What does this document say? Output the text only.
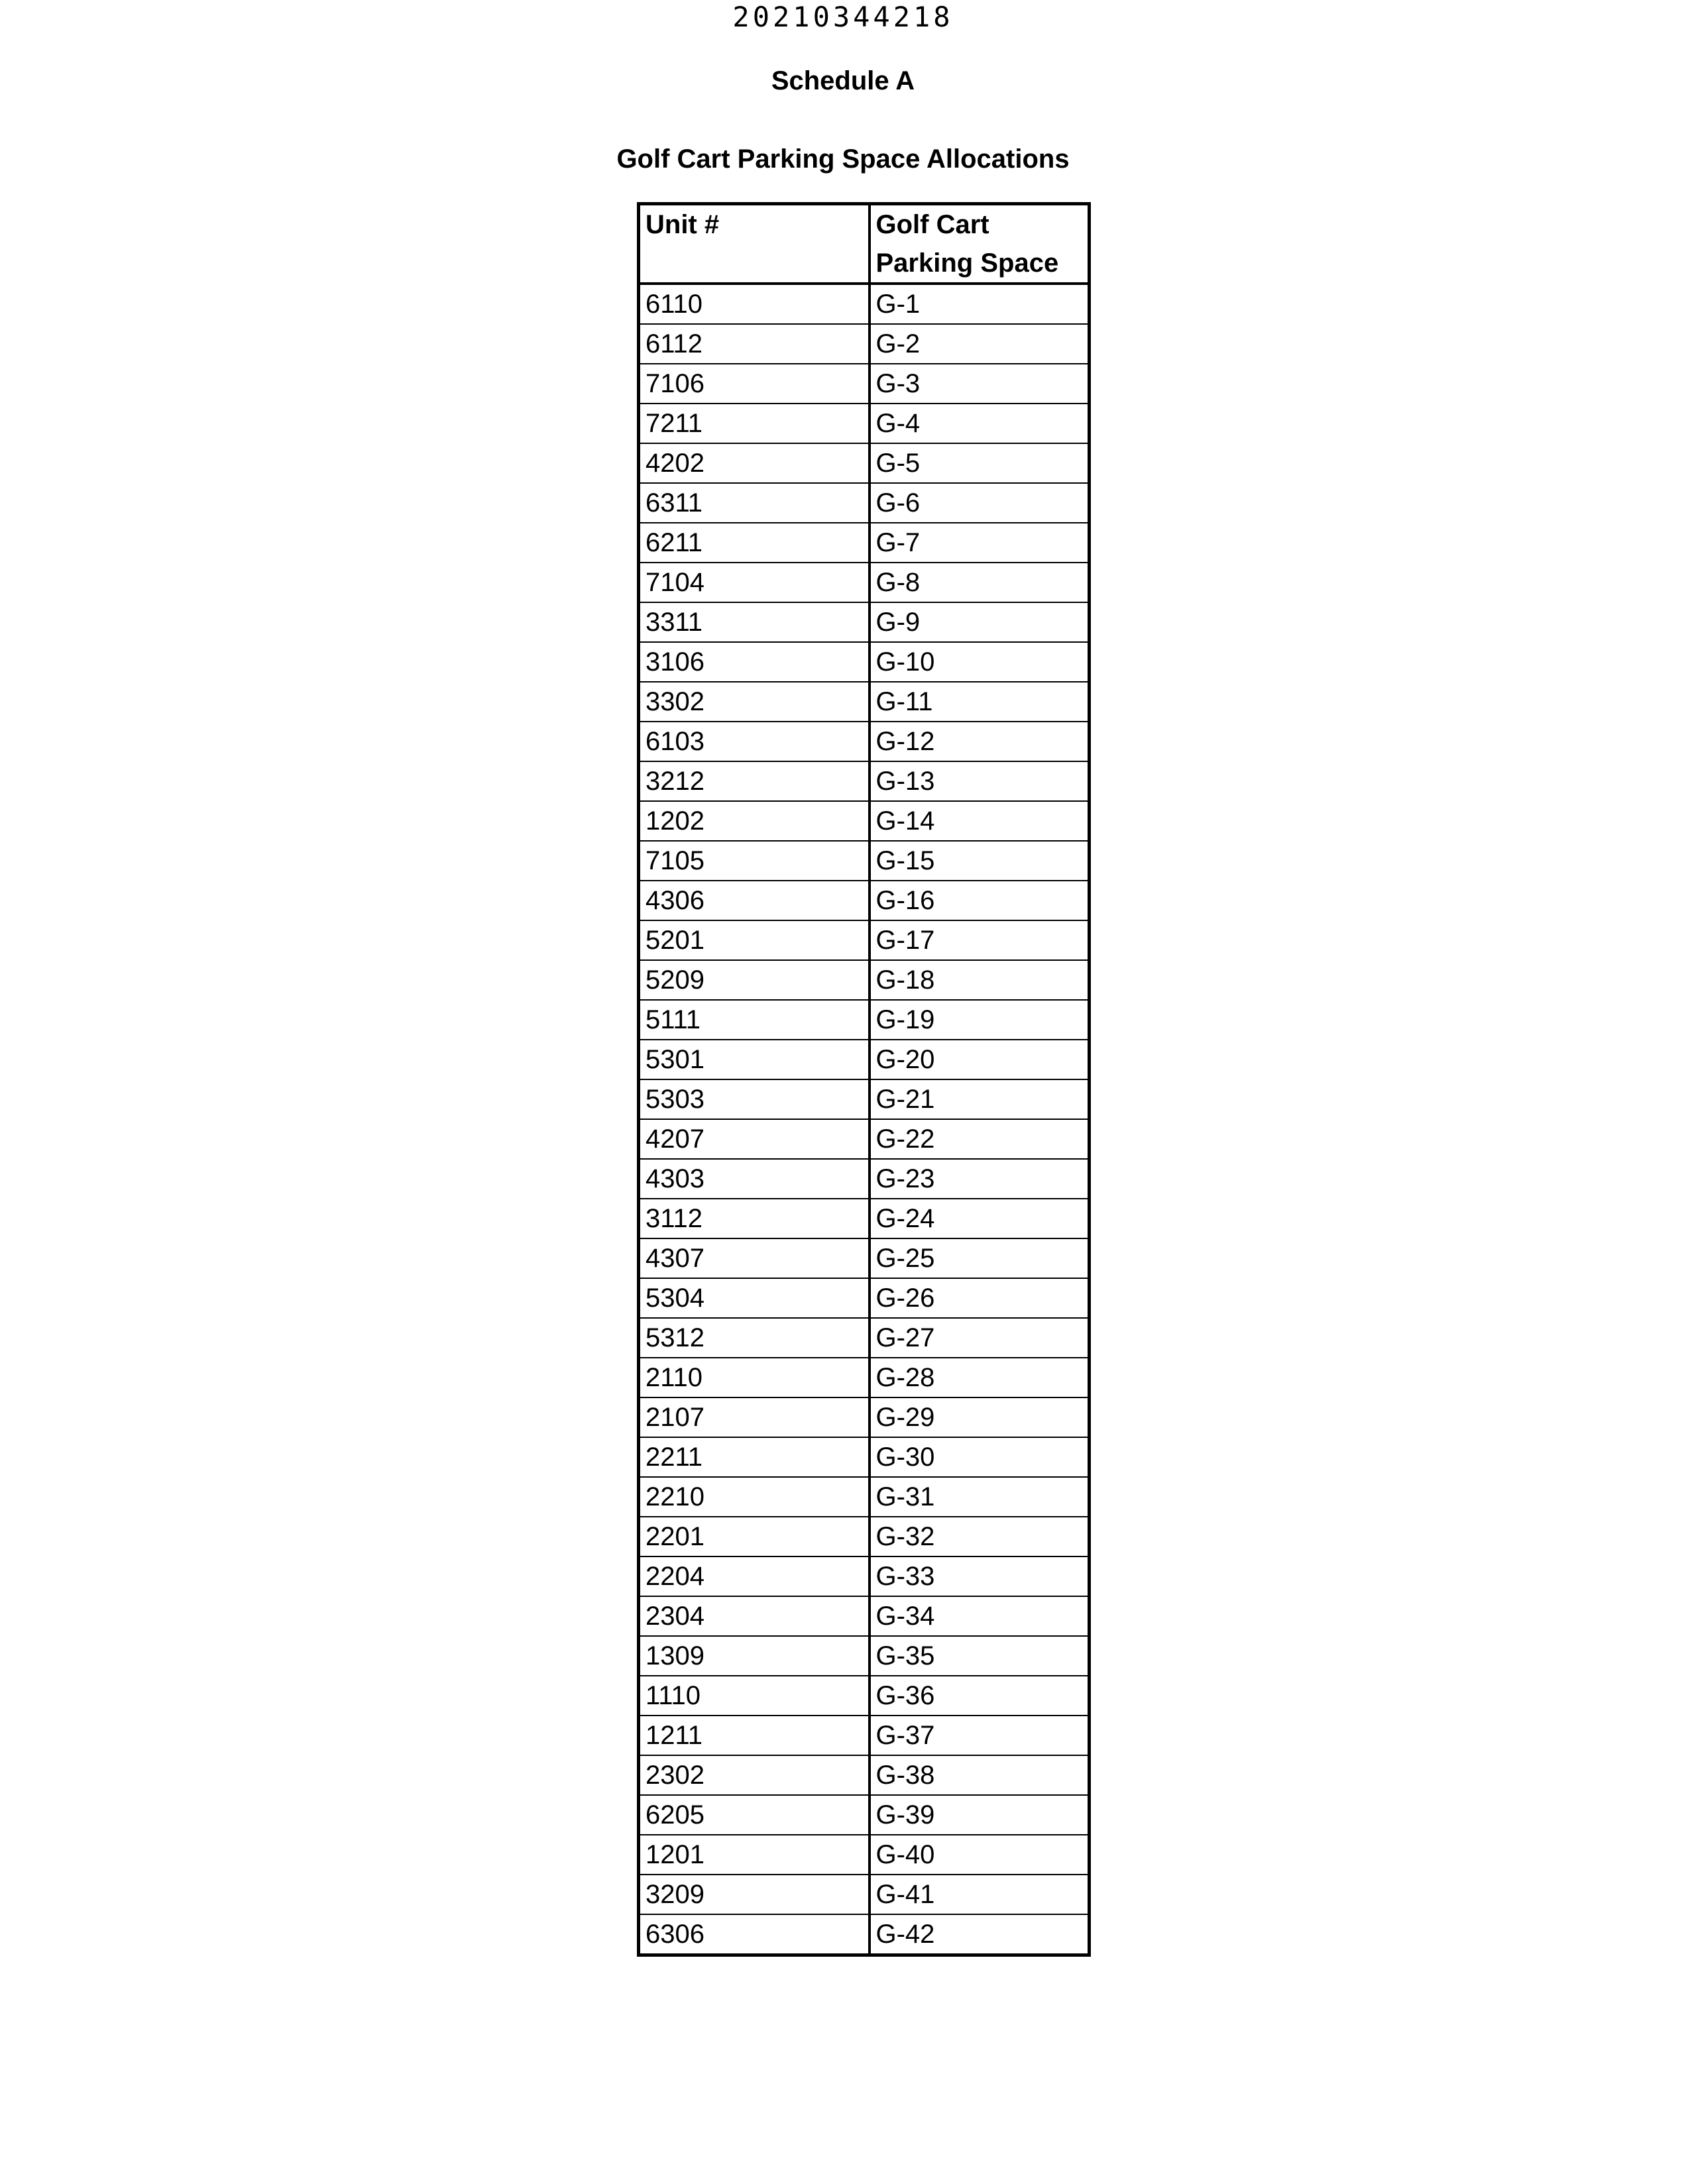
20210344218
Schedule A
Golf Cart Parking Space Allocations
Unit #	Golf Cart Parking Space
6110	G-1
6112	G-2
7106	G-3
7211	G-4
4202	G-5
6311	G-6
6211	G-7
7104	G-8
3311	G-9
3106	G-10
3302	G-11
6103	G-12
3212	G-13
1202	G-14
7105	G-15
4306	G-16
5201	G-17
5209	G-18
5111	G-19
5301	G-20
5303	G-21
4207	G-22
4303	G-23
3112	G-24
4307	G-25
5304	G-26
5312	G-27
2110	G-28
2107	G-29
2211	G-30
2210	G-31
2201	G-32
2204	G-33
2304	G-34
1309	G-35
1110	G-36
1211	G-37
2302	G-38
6205	G-39
1201	G-40
3209	G-41
6306	G-42
